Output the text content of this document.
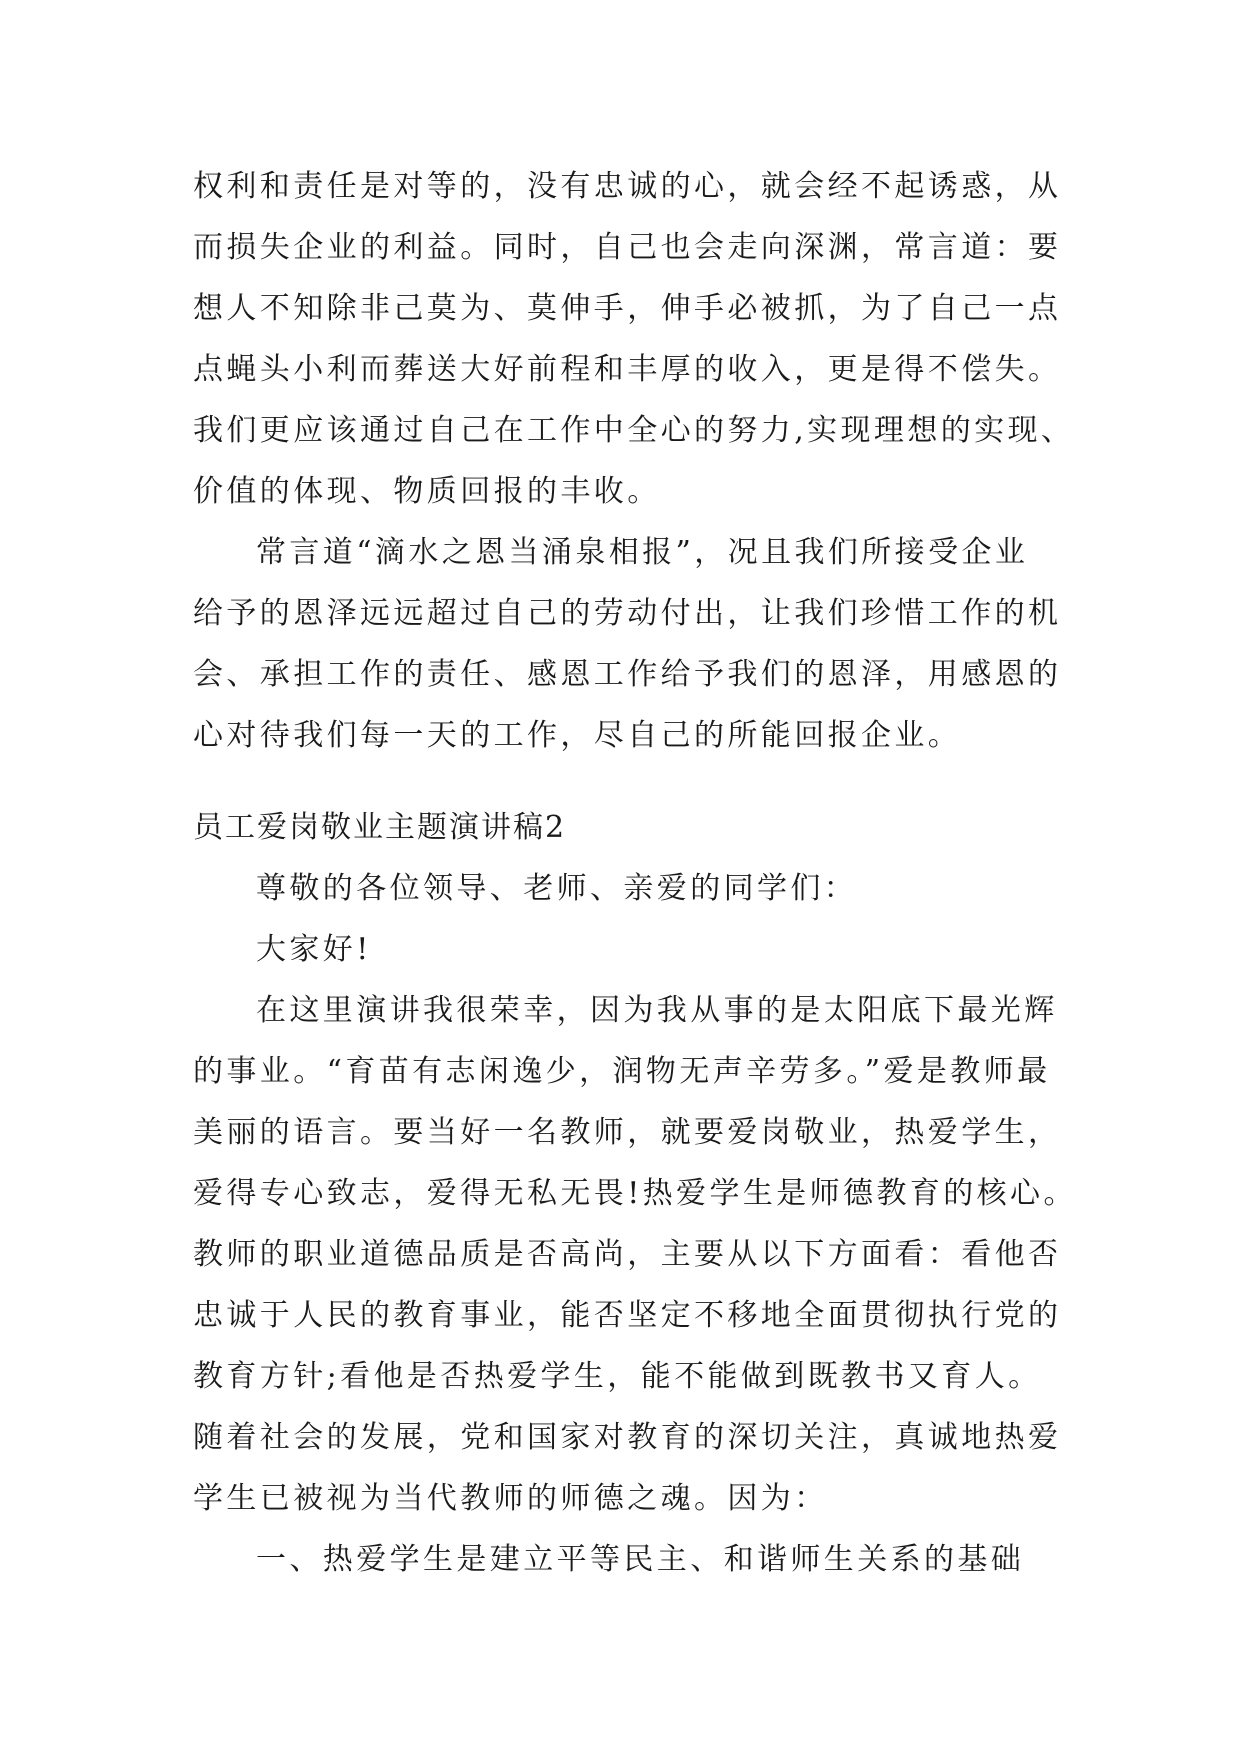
权利和责任是对等的，没有忠诚的心，就会经不起诱惑，从
而损失企业的利益。同时，自己也会走向深渊，常言道：要
想人不知除非己莫为、莫伸手，伸手必被抓，为了自己一点
点蝇头小利而葬送大好前程和丰厚的收入，更是得不偿失。
我们更应该通过自己在工作中全心的努力,实现理想的实现、
价值的体现、物质回报的丰收。
常言道“滴水之恩当涌泉相报”，况且我们所接受企业
给予的恩泽远远超过自己的劳动付出，让我们珍惜工作的机
会、承担工作的责任、感恩工作给予我们的恩泽，用感恩的
心对待我们每一天的工作，尽自己的所能回报企业。
员工爱岗敬业主题演讲稿2
尊敬的各位领导、老师、亲爱的同学们：
大家好!
在这里演讲我很荣幸，因为我从事的是太阳底下最光辉
的事业。“育苗有志闲逸少，润物无声辛劳多。”爱是教师最
美丽的语言。要当好一名教师，就要爱岗敬业，热爱学生，
爱得专心致志，爱得无私无畏!热爱学生是师德教育的核心。
教师的职业道德品质是否高尚，主要从以下方面看：看他否
忠诚于人民的教育事业，能否坚定不移地全面贯彻执行党的
教育方针;看他是否热爱学生，能不能做到既教书又育人。
随着社会的发展，党和国家对教育的深切关注，真诚地热爱
学生已被视为当代教师的师德之魂。因为：
一、热爱学生是建立平等民主、和谐师生关系的基础
